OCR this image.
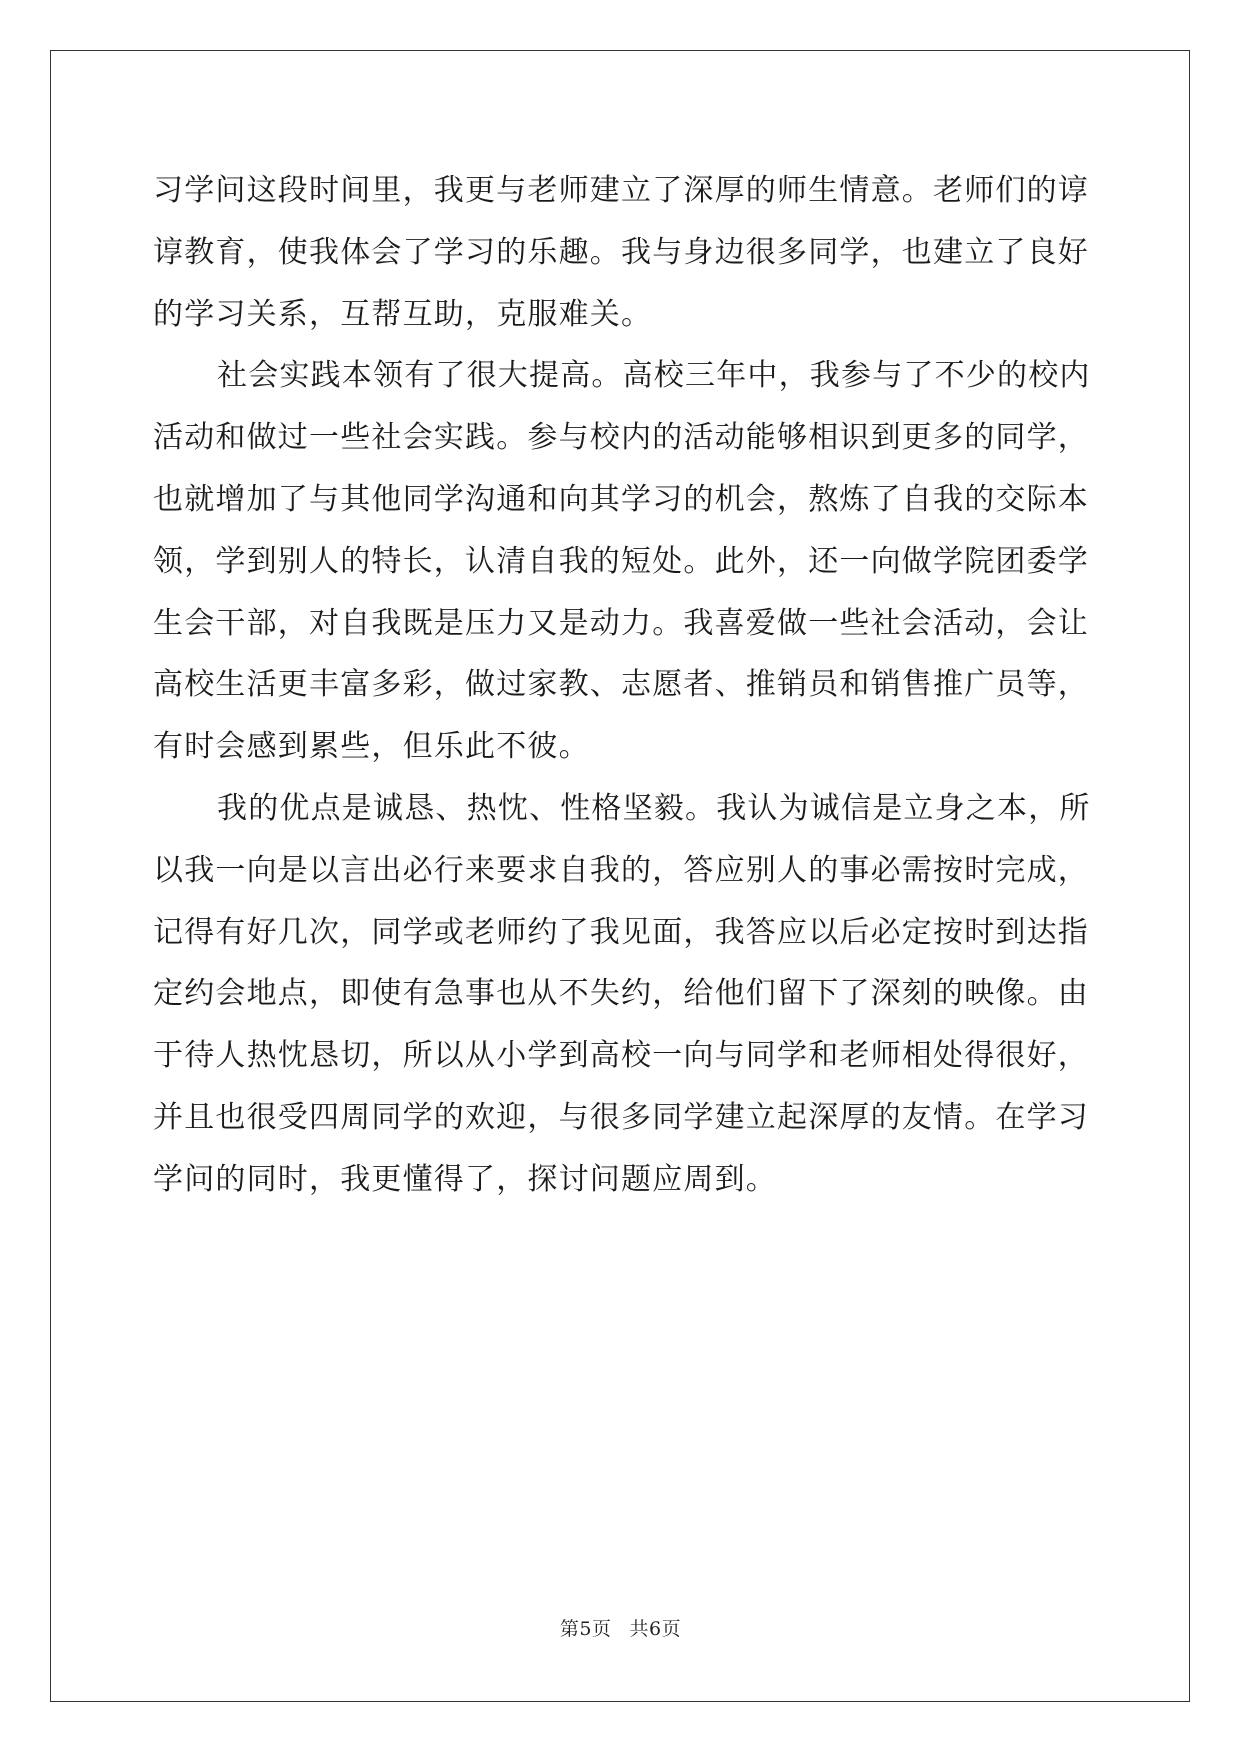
习学问这段时间里，我更与老师建立了深厚的师生情意。老师们的谆
谆教育，使我体会了学习的乐趣。我与身边很多同学，也建立了良好
的学习关系，互帮互助，克服难关。
社会实践本领有了很大提高。高校三年中，我参与了不少的校内
活动和做过一些社会实践。参与校内的活动能够相识到更多的同学，
也就增加了与其他同学沟通和向其学习的机会，熬炼了自我的交际本
领，学到别人的特长，认清自我的短处。此外，还一向做学院团委学
生会干部，对自我既是压力又是动力。我喜爱做一些社会活动，会让
高校生活更丰富多彩，做过家教、志愿者、推销员和销售推广员等，
有时会感到累些，但乐此不彼。
我的优点是诚恳、热忱、性格坚毅。我认为诚信是立身之本，所
以我一向是以言出必行来要求自我的，答应别人的事必需按时完成，
记得有好几次，同学或老师约了我见面，我答应以后必定按时到达指
定约会地点，即使有急事也从不失约，给他们留下了深刻的映像。由
于待人热忱恳切，所以从小学到高校一向与同学和老师相处得很好，
并且也很受四周同学的欢迎，与很多同学建立起深厚的友情。在学习
学问的同时，我更懂得了，探讨问题应周到。
第5页 共6页
